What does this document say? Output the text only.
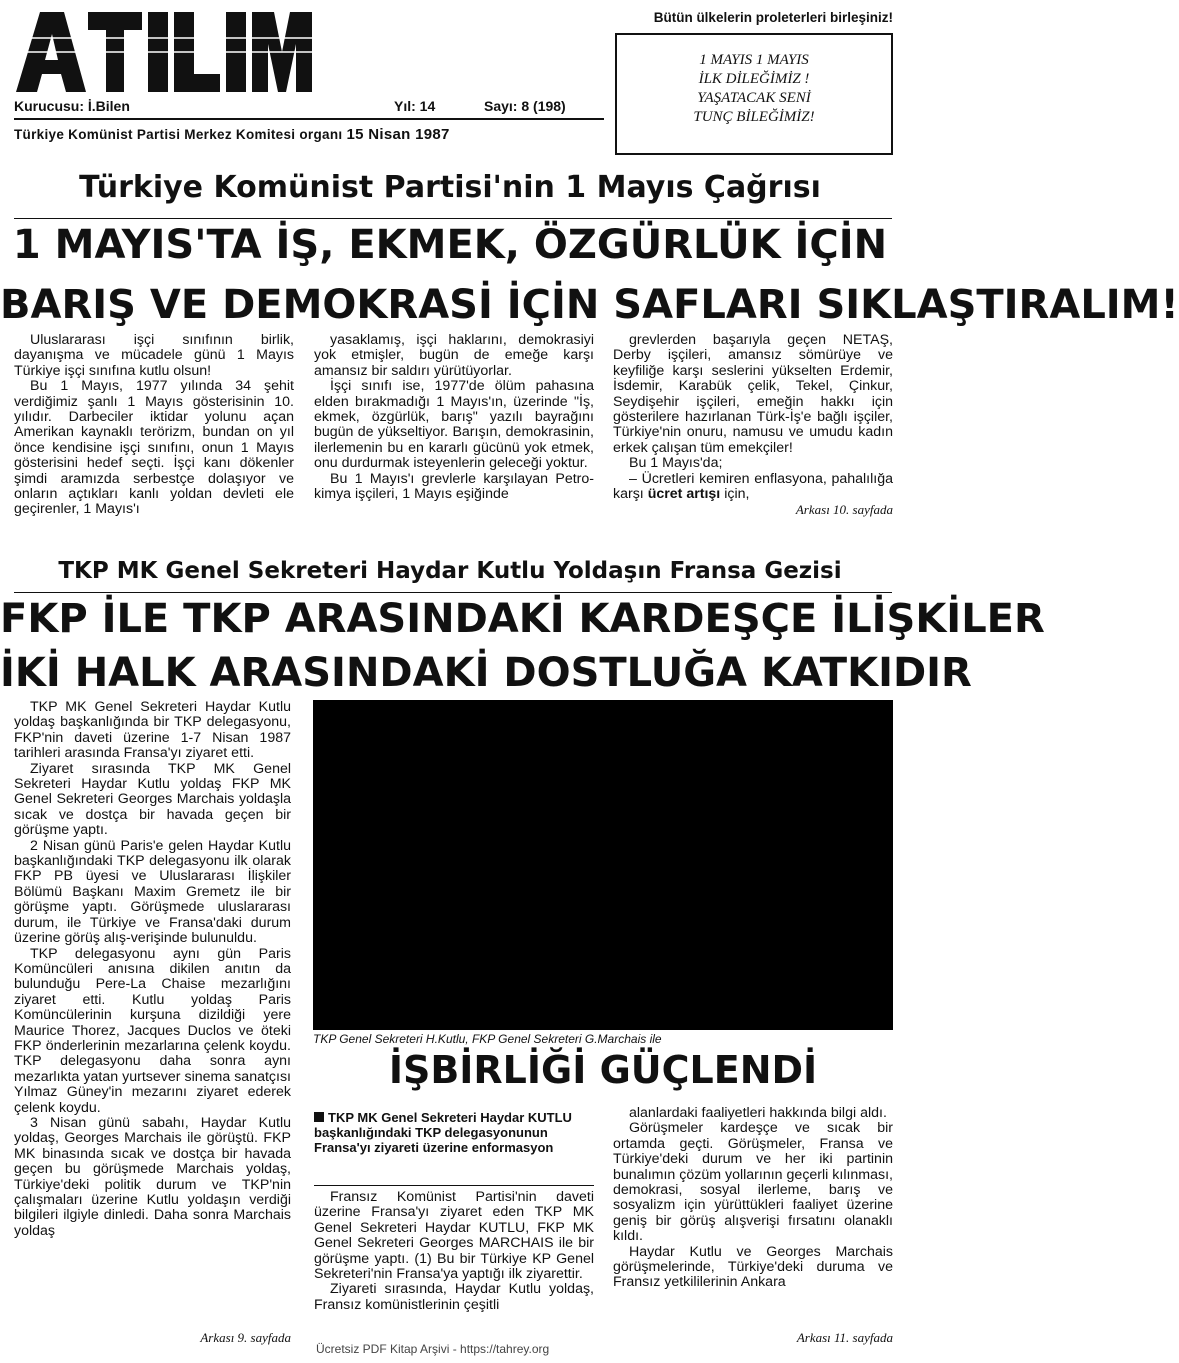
Kurucusu: İ.Bilen	Yıl: 14	Sayı: 8 (198)
Türkiye Komünist Partisi Merkez Komitesi organı 15 Nisan 1987
Bütün ülkelerin proleterleri birleşiniz!
1 MAYIS 1 MAYIS
İLK DİLEĞİMİZ !
YAŞATACAK SENİ
TUNÇ BİLEĞİMİZ!
Türkiye Komünist Partisi'nin 1 Mayıs Çağrısı
1 MAYIS'TA İŞ, EKMEK, ÖZGÜRLÜK İÇİN
BARIŞ VE DEMOKRASİ İÇİN SAFLARI SIKLAŞTIRALIM!

Uluslararası işçi sınıfının birlik, dayanışma ve mücadele günü 1 Mayıs Türkiye işçi sınıfına kutlu olsun!

Bu 1 Mayıs, 1977 yılında 34 şehit verdiğimiz şanlı 1 Mayıs gösterisinin 10. yılıdır. Darbeciler iktidar yolunu açan Amerikan kaynaklı terörizm, bundan on yıl önce kendisine işçi sınıfını, onun 1 Mayıs gösterisini hedef seçti. İşçi kanı dökenler şimdi aramızda serbestçe dolaşıyor ve onların açtıkları kanlı yoldan devleti ele geçirenler, 1 Mayıs'ı

yasaklamış, işçi haklarını, demokrasiyi yok etmişler, bugün de emeğe karşı amansız bir saldırı yürütüyorlar.

İşçi sınıfı ise, 1977'de ölüm pahasına elden bırakmadığı 1 Mayıs'ın, üzerinde "İş, ekmek, özgürlük, barış" yazılı bayrağını bugün de yükseltiyor. Barışın, demokrasinin, ilerlemenin bu en kararlı gücünü yok etmek, onu durdurmak isteyenlerin geleceği yoktur.

Bu 1 Mayıs'ı grevlerle karşılayan Petro-kimya işçileri, 1 Mayıs eşiğinde

grevlerden başarıyla geçen NETAŞ, Derby işçileri, amansız sömürüye ve keyfiliğe karşı seslerini yükselten Erdemir, İsdemir, Karabük çelik, Tekel, Çinkur, Seydişehir işçileri, emeğin hakkı için gösterilere hazırlanan Türk-İş'e bağlı işçiler, Türkiye'nin onuru, namusu ve umudu kadın erkek çalışan tüm emekçiler!

Bu 1 Mayıs'da;

– Ücretleri kemiren enflasyona, pahalılığa karşı ücret artışı için,

Arkası 10. sayfada
TKP MK Genel Sekreteri Haydar Kutlu Yoldaşın Fransa Gezisi
FKP İLE TKP ARASINDAKİ KARDEŞÇE İLİŞKİLER
İKİ HALK ARASINDAKİ DOSTLUĞA KATKIDIR

TKP MK Genel Sekreteri Haydar Kutlu yoldaş başkanlığında bir TKP delegasyonu, FKP'nin daveti üzerine 1-7 Nisan 1987 tarihleri arasında Fransa'yı ziyaret etti.

Ziyaret sırasında TKP MK Genel Sekreteri Haydar Kutlu yoldaş FKP MK Genel Sekreteri Georges Marchais yoldaşla sıcak ve dostça bir havada geçen bir görüşme yaptı.

2 Nisan günü Paris'e gelen Haydar Kutlu başkanlığındaki TKP delegasyonu ilk olarak FKP PB üyesi ve Uluslararası İlişkiler Bölümü Başkanı Maxim Gremetz ile bir görüşme yaptı. Görüşmede uluslararası durum, ile Türkiye ve Fransa'daki durum üzerine görüş alış-verişinde bulunuldu.

TKP delegasyonu aynı gün Paris Komüncüleri anısına dikilen anıtın da bulunduğu Pere-La Chaise mezarlığını ziyaret etti. Kutlu yoldaş Paris Komüncülerinin kurşuna dizildiği yere Maurice Thorez, Jacques Duclos ve öteki FKP önderlerinin mezarlarına çelenk koydu. TKP delegasyonu daha sonra aynı mezarlıkta yatan yurtsever sinema sanatçısı Yılmaz Güney'in mezarını ziyaret ederek çelenk koydu.

3 Nisan günü sabahı, Haydar Kutlu yoldaş, Georges Marchais ile görüştü. FKP MK binasında sıcak ve dostça bir havada geçen bu görüşmede Marchais yoldaş, Türkiye'deki politik durum ve TKP'nin çalışmaları üzerine Kutlu yoldaşın verdiği bilgileri ilgiyle dinledi. Daha sonra Marchais yoldaş

Arkası 9. sayfada
TKP Genel Sekreteri H.Kutlu, FKP Genel Sekreteri G.Marchais ile
İŞBİRLİĞİ GÜÇLENDİ
TKP MK Genel Sekreteri Haydar KUTLU başkanlığındaki TKP delegasyonunun Fransa'yı ziyareti üzerine enformasyon

Fransız Komünist Partisi'nin daveti üzerine Fransa'yı ziyaret eden TKP MK Genel Sekreteri Haydar KUTLU, FKP MK Genel Sekreteri Georges MARCHAIS ile bir görüşme yaptı. (1) Bu bir Türkiye KP Genel Sekreteri'nin Fransa'ya yaptığı ilk ziyarettir.

Ziyareti sırasında, Haydar Kutlu yoldaş, Fransız komünistlerinin çeşitli

alanlardaki faaliyetleri hakkında bilgi aldı.

Görüşmeler kardeşçe ve sıcak bir ortamda geçti. Görüşmeler, Fransa ve Türkiye'deki durum ve her iki partinin bunalımın çözüm yollarının geçerli kılınması, demokrasi, sosyal ilerleme, barış ve sosyalizm için yürüttükleri faaliyet üzerine geniş bir görüş alışverişi fırsatını olanaklı kıldı.

Haydar Kutlu ve Georges Marchais görüşmelerinde, Türkiye'deki duruma ve Fransız yetkililerinin Ankara

Arkası 11. sayfada
Ücretsiz PDF Kitap Arşivi - https://tahrey.org
